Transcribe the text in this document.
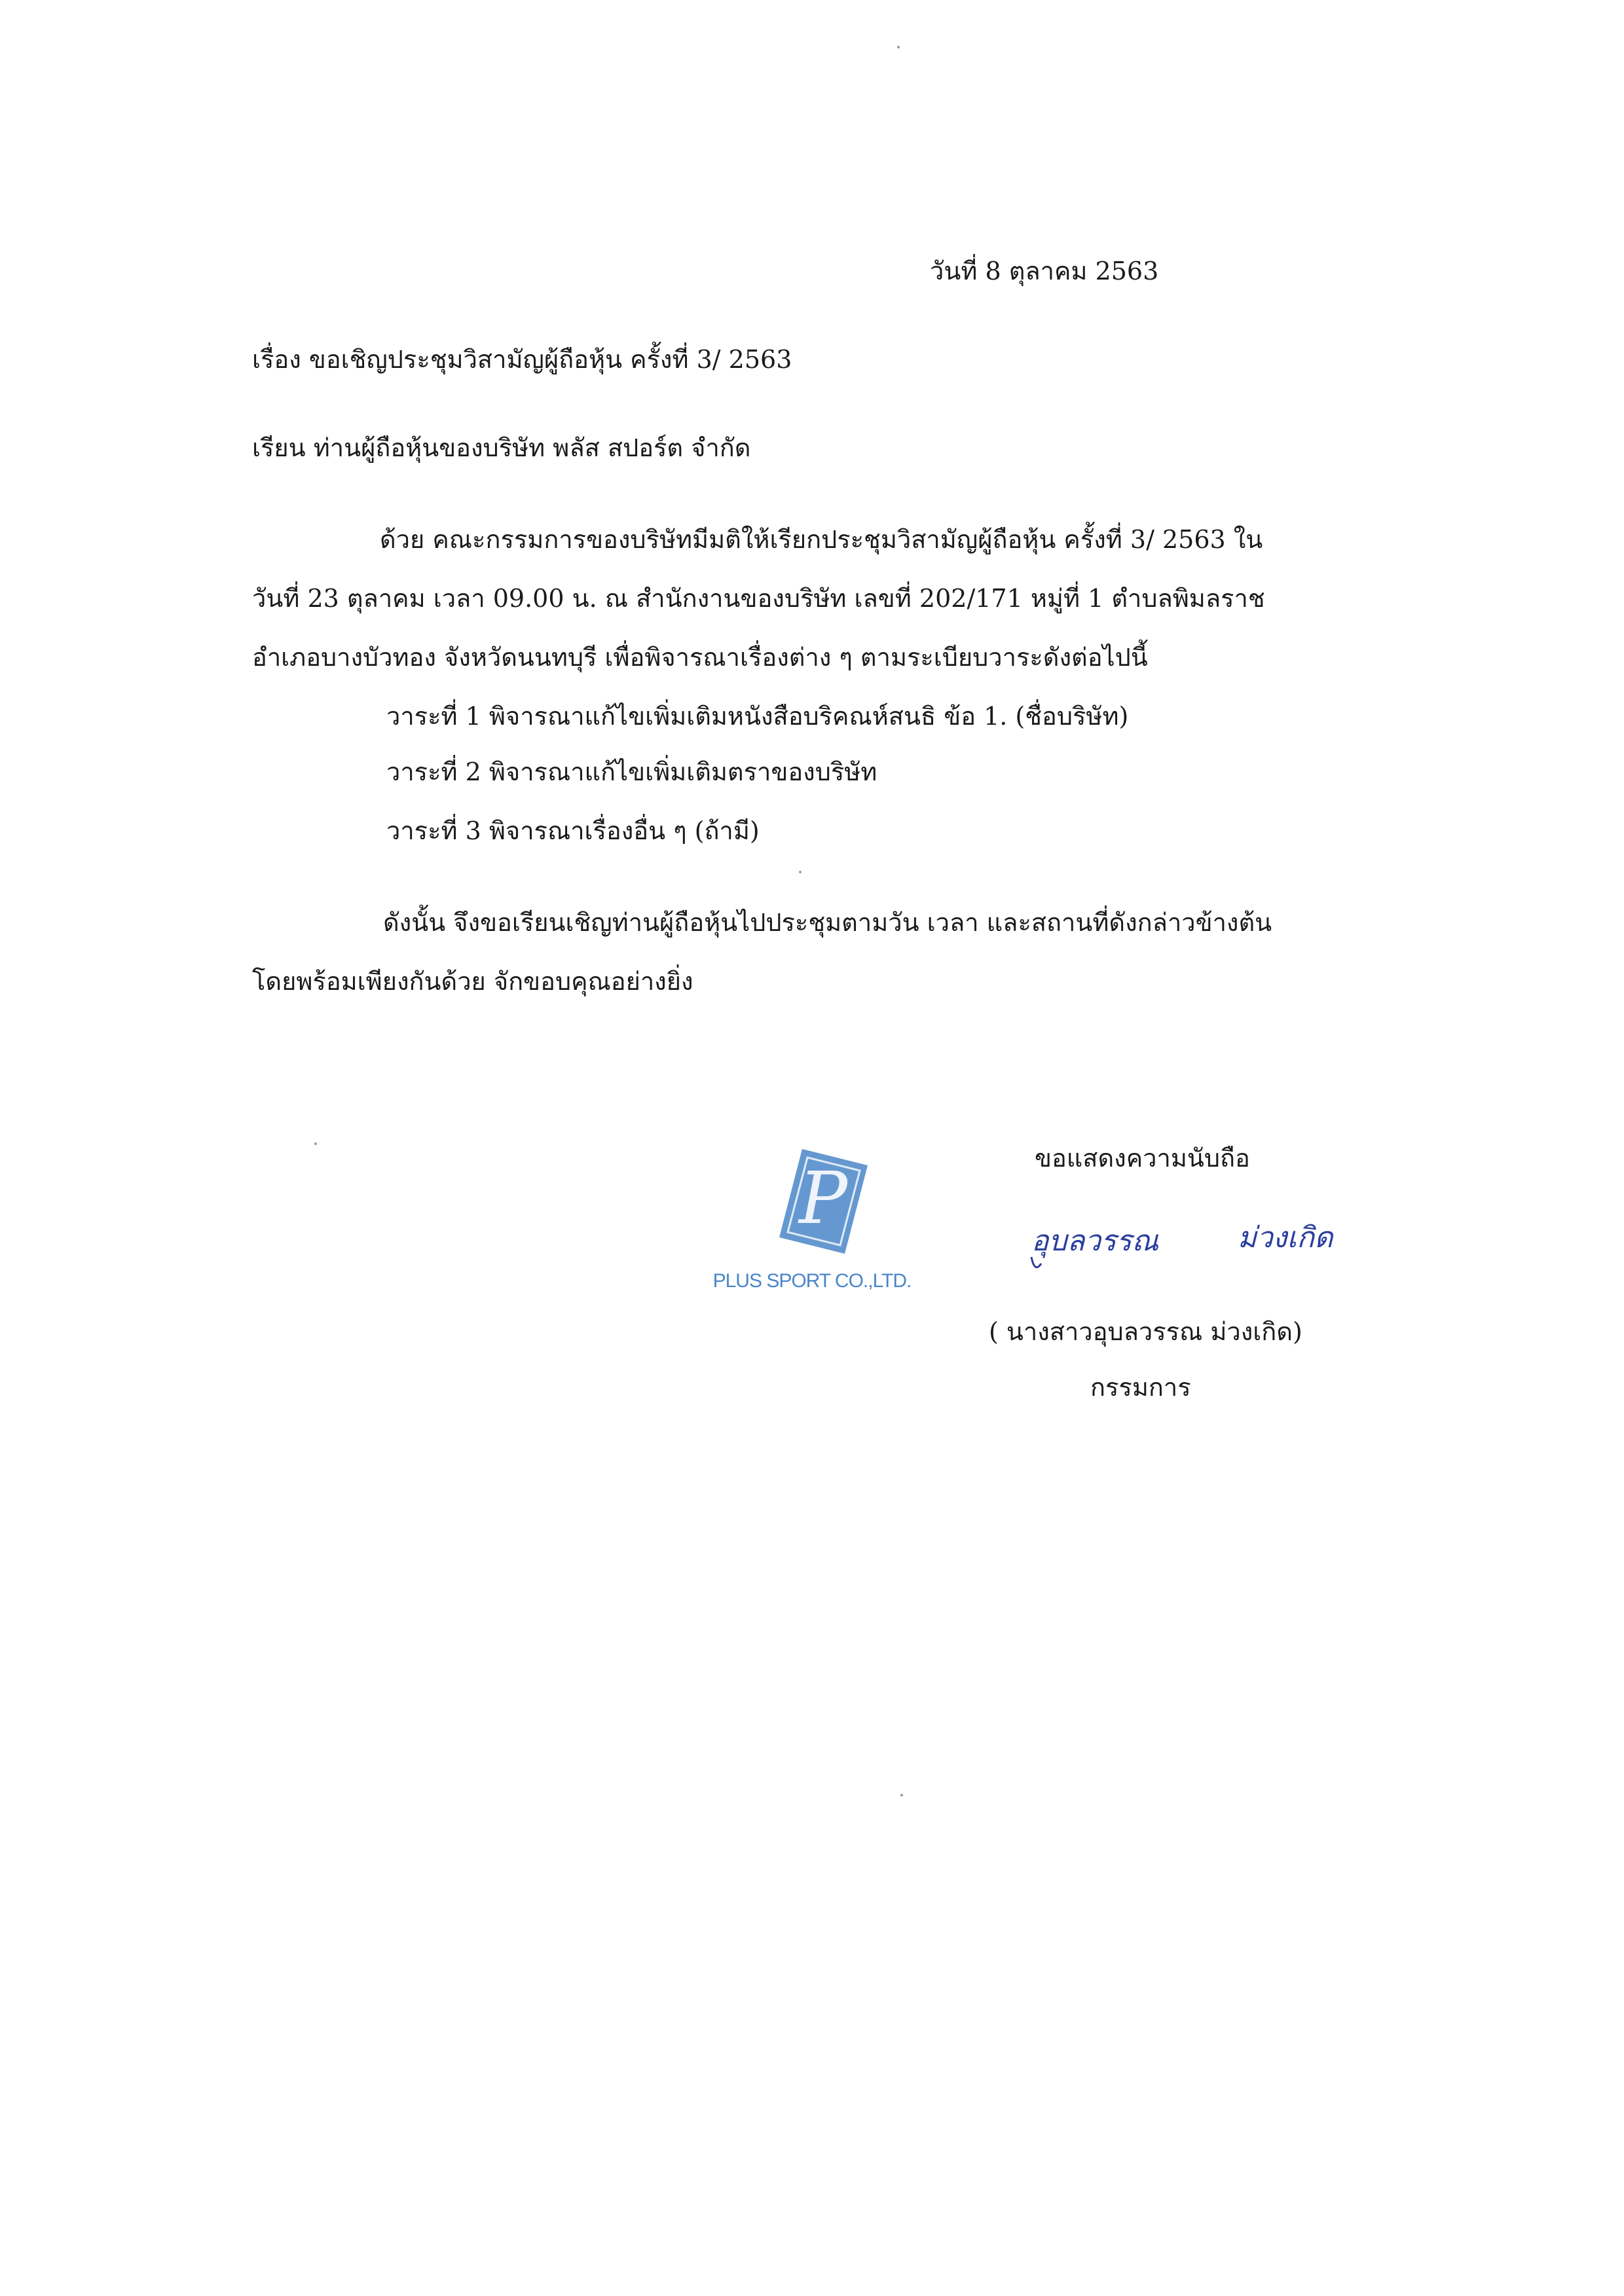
วันที่ 8 ตุลาคม 2563
เรื่อง ขอเชิญประชุมวิสามัญผู้ถือหุ้น ครั้งที่ 3/ 2563
เรียน ท่านผู้ถือหุ้นของบริษัท พลัส สปอร์ต จำกัด
ด้วย คณะกรรมการของบริษัทมีมติให้เรียกประชุมวิสามัญผู้ถือหุ้น ครั้งที่ 3/ 2563 ใน
วันที่ 23 ตุลาคม เวลา 09.00 น. ณ สำนักงานของบริษัท เลขที่ 202/171 หมู่ที่ 1 ตำบลพิมลราช
อำเภอบางบัวทอง จังหวัดนนทบุรี เพื่อพิจารณาเรื่องต่าง ๆ ตามระเบียบวาระดังต่อไปนี้
วาระที่ 1 พิจารณาแก้ไขเพิ่มเติมหนังสือบริคณห์สนธิ ข้อ 1. (ชื่อบริษัท)
วาระที่ 2 พิจารณาแก้ไขเพิ่มเติมตราของบริษัท
วาระที่ 3 พิจารณาเรื่องอื่น ๆ (ถ้ามี)
ดังนั้น จึงขอเรียนเชิญท่านผู้ถือหุ้นไปประชุมตามวัน เวลา และสถานที่ดังกล่าวข้างต้น
โดยพร้อมเพียงกันด้วย จักขอบคุณอย่างยิ่ง
ขอแสดงความนับถือ
P
PLUS SPORT CO.,LTD.
อุบลวรรณ	ม่วงเกิด
( นางสาวอุบลวรรณ ม่วงเกิด)
กรรมการ
